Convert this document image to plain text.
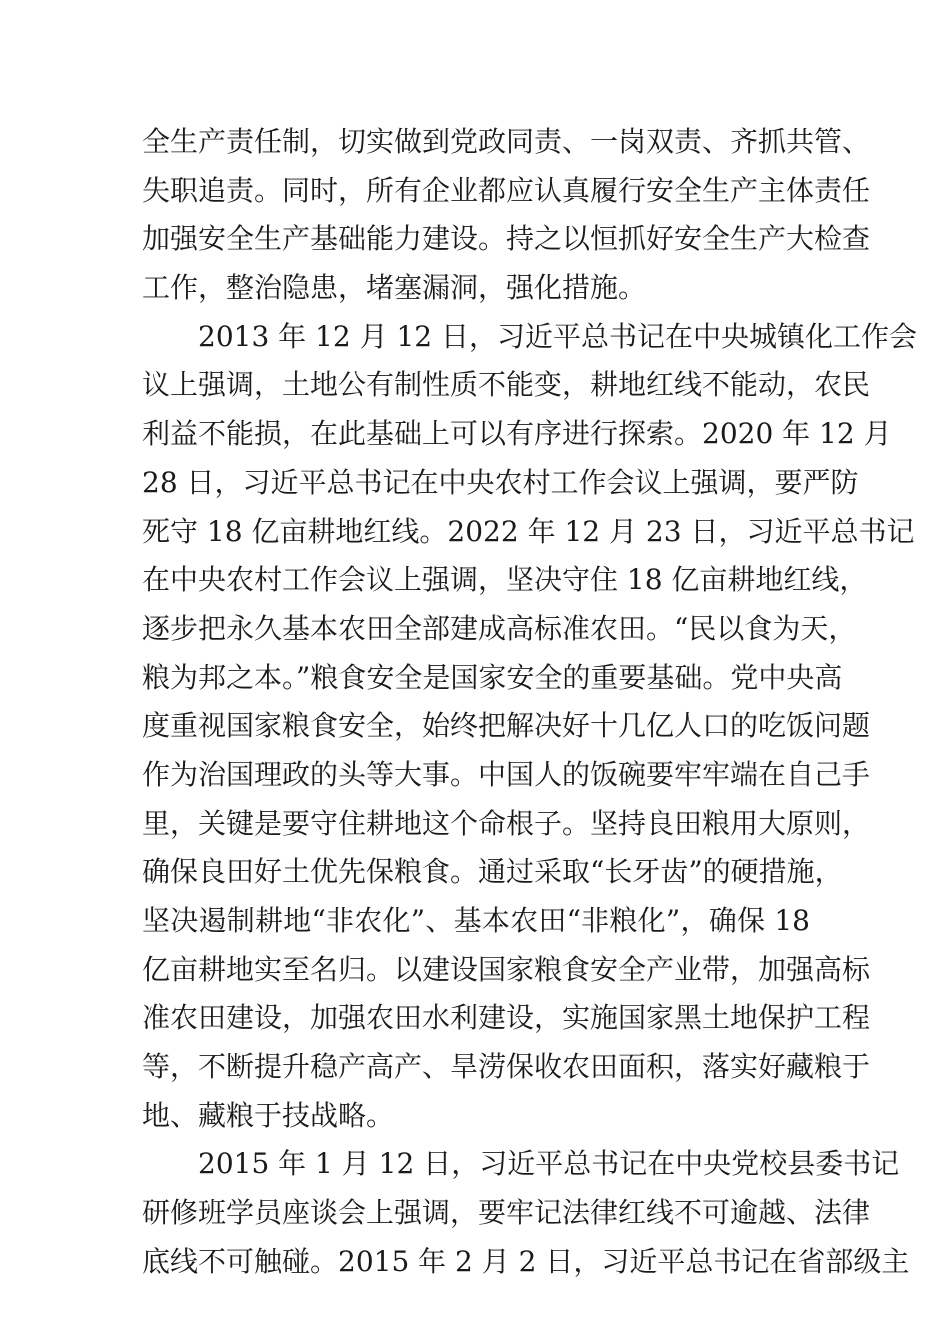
全生产责任制，切实做到党政同责、一岗双责、齐抓共管、
失职追责。同时，所有企业都应认真履行安全生产主体责任
加强安全生产基础能力建设。持之以恒抓好安全生产大检查
工作，整治隐患，堵塞漏洞，强化措施。
2013 年 12 月 12 日，习近平总书记在中央城镇化工作会
议上强调，土地公有制性质不能变，耕地红线不能动，农民
利益不能损，在此基础上可以有序进行探索。2020 年 12 月
28 日，习近平总书记在中央农村工作会议上强调，要严防
死守 18 亿亩耕地红线。2022 年 12 月 23 日，习近平总书记
在中央农村工作会议上强调，坚决守住 18 亿亩耕地红线，
逐步把永久基本农田全部建成高标准农田。“民以食为天，
粮为邦之本。”粮食安全是国家安全的重要基础。党中央高
度重视国家粮食安全，始终把解决好十几亿人口的吃饭问题
作为治国理政的头等大事。中国人的饭碗要牢牢端在自己手
里，关键是要守住耕地这个命根子。坚持良田粮用大原则，
确保良田好土优先保粮食。通过采取“长牙齿”的硬措施，
坚决遏制耕地“非农化”、基本农田“非粮化”，确保 18
亿亩耕地实至名归。以建设国家粮食安全产业带，加强高标
准农田建设，加强农田水利建设，实施国家黑土地保护工程
等，不断提升稳产高产、旱涝保收农田面积，落实好藏粮于
地、藏粮于技战略。
2015 年 1 月 12 日，习近平总书记在中央党校县委书记
研修班学员座谈会上强调，要牢记法律红线不可逾越、法律
底线不可触碰。2015 年 2 月 2 日，习近平总书记在省部级主
